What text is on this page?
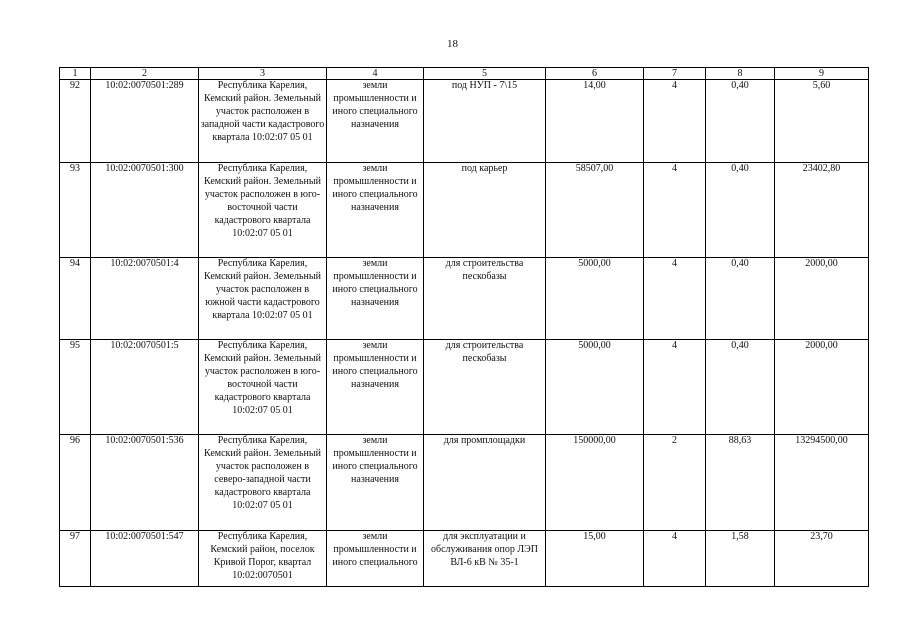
18
1	2	3	4	5	6	7	8	9
92	10:02:0070501:289	Республика Карелия, Кемский район. Земельный участок расположен в западной части кадастрового квартала 10:02:07 05 01	земли промышленности и иного специального назначения	под НУП - 7\15	14,00	4	0,40	5,60
93	10:02:0070501:300	Республика Карелия, Кемский район. Земельный участок расположен в юго-восточной части кадастрового квартала 10:02:07 05 01	земли промышленности и иного специального назначения	под карьер	58507,00	4	0,40	23402,80
94	10:02:0070501:4	Республика Карелия, Кемский район. Земельный участок расположен в южной части кадастрового квартала 10:02:07 05 01	земли промышленности и иного специального назначения	для строительства пескобазы	5000,00	4	0,40	2000,00
95	10:02:0070501:5	Республика Карелия, Кемский район. Земельный участок расположен в юго-восточной части кадастрового квартала 10:02:07 05 01	земли промышленности и иного специального назначения	для строительства пескобазы	5000,00	4	0,40	2000,00
96	10:02:0070501:536	Республика Карелия, Кемский район. Земельный участок расположен в северо-западной части кадастрового квартала 10:02:07 05 01	земли промышленности и иного специального назначения	для промплощадки	150000,00	2	88,63	13294500,00
97	10:02:0070501:547	Республика Карелия, Кемский район, поселок Кривой Порог, квартал 10:02:0070501	земли промышленности и иного специального	для эксплуатации и обслуживания опор ЛЭП ВЛ-6 кВ № 35-1	15,00	4	1,58	23,70
